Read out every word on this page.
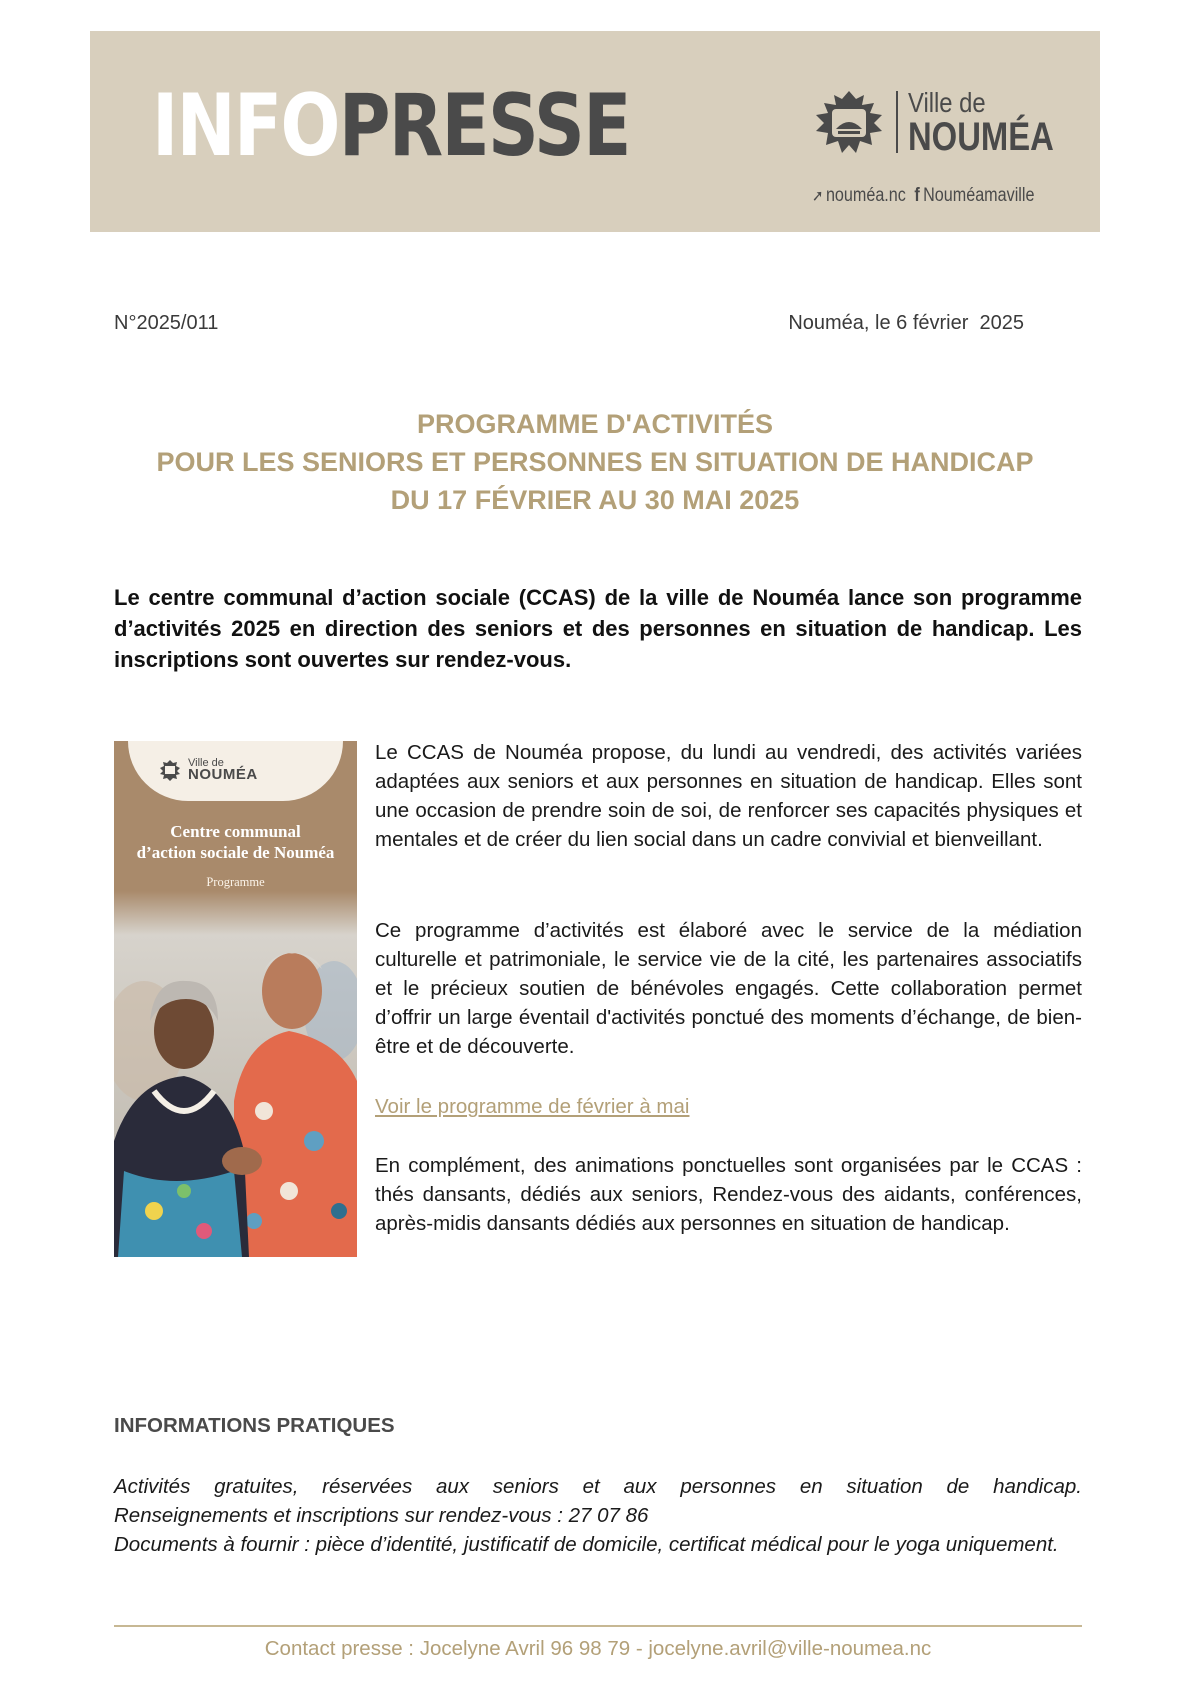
INFOPRESSE	Ville de
NOUMÉA
➚ nouméa.nc f Nouméamaville
N°2025/011	Nouméa, le 6 février  2025
PROGRAMME D'ACTIVITÉS
POUR LES SENIORS ET PERSONNES EN SITUATION DE HANDICAP
DU 17 FÉVRIER AU 30 MAI 2025
Le centre communal d’action sociale (CCAS) de la ville de Nouméa lance son programme d’activités 2025 en direction des seniors et des personnes en situation de handicap. Les inscriptions sont ouvertes sur rendez-vous.
Ville de
NOUMÉA
Centre communal
d’action sociale de Nouméa
Programme
Le CCAS de Nouméa propose, du lundi au vendredi, des activités variées adaptées aux seniors et aux personnes en situation de handicap. Elles sont une occasion de prendre soin de soi, de renforcer ses capacités physiques et mentales et de créer du lien social dans un cadre convivial et bienveillant.
Ce programme d’activités est élaboré avec le service de la médiation culturelle et patrimoniale, le service vie de la cité, les partenaires associatifs et le précieux soutien de bénévoles engagés. Cette collaboration permet d’offrir un large éventail d'activités ponctué des moments d’échange, de bien-être et de découverte.
Voir le programme de février à mai
En complément, des animations ponctuelles sont organisées par le CCAS : thés dansants, dédiés aux seniors, Rendez-vous des aidants, conférences, après-midis dansants dédiés aux personnes en situation de handicap.
INFORMATIONS PRATIQUES

Activités gratuites, réservées aux seniors et aux personnes en situation de handicap.

Renseignements et inscriptions sur rendez-vous : 27 07 86

Documents à fournir : pièce d’identité, justificatif de domicile, certificat médical pour le yoga uniquement.

Contact presse : Jocelyne Avril 96 98 79 - jocelyne.avril@ville-noumea.nc
